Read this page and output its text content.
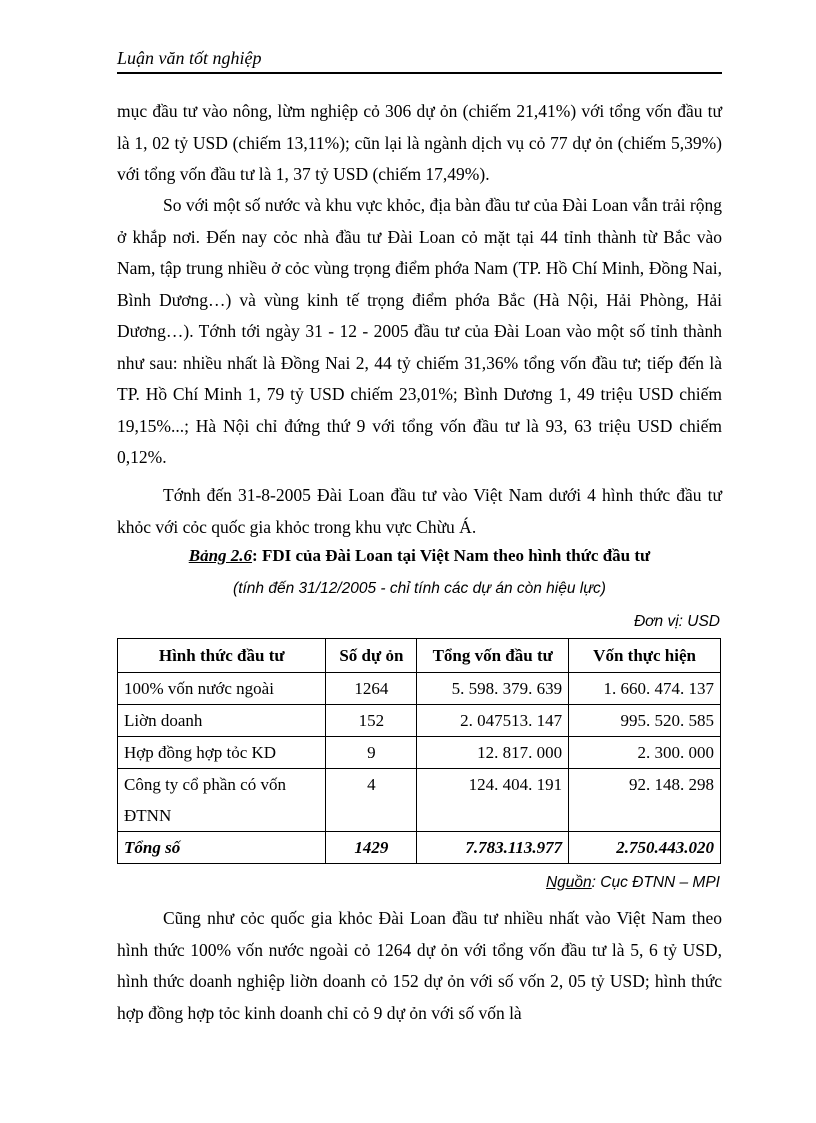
Luận văn tốt nghiệp

mục đầu tư vào nông, lừm nghiệp cỏ 306 dự ỏn (chiếm 21,41%) với tổng vốn đầu tư là 1, 02 tỷ USD (chiếm 13,11%); cũn lại là ngành dịch vụ cỏ 77 dự ỏn (chiếm 5,39%) với tổng vốn đầu tư là 1, 37 tỷ USD (chiếm 17,49%).

So với một số nước và khu vực khỏc, địa bàn đầu tư của Đài Loan vẫn trải rộng ở khắp nơi. Đến nay cỏc nhà đầu tư Đài Loan cỏ mặt tại 44 tỉnh thành từ Bắc vào Nam, tập trung nhiều ở cỏc vùng trọng điểm phớa Nam (TP. Hồ Chí Minh, Đồng Nai, Bình Dương…) và vùng kinh tế trọng điểm phớa Bắc (Hà Nội, Hải Phòng, Hải Dương…). Tớnh tới ngày 31 - 12 - 2005 đầu tư của Đài Loan vào một số tỉnh thành như sau: nhiều nhất là Đồng Nai 2, 44 tỷ chiếm 31,36% tổng vốn đầu tư; tiếp đến là TP. Hồ Chí Minh 1, 79 tỷ USD chiếm 23,01%; Bình Dương 1, 49 triệu USD chiếm 19,15%...; Hà Nội chỉ đứng thứ 9 với tổng vốn đầu tư là 93, 63 triệu USD chiếm 0,12%.

Tớnh đến 31-8-2005 Đài Loan đầu tư vào Việt Nam dưới 4 hình thức đầu tư khỏc với cỏc quốc gia khỏc trong khu vực Chừu Á.

Bảng 2.6: FDI của Đài Loan tại Việt Nam theo hình thức đầu tư
(tính đến 31/12/2005 - chỉ tính các dự án còn hiệu lực)
Đơn vị: USD
Hình thức đầu tư	Số dự ỏn	Tổng vốn đầu tư	Vốn thực hiện
100% vốn nước ngoài	1264	5. 598. 379. 639	1. 660. 474. 137
Liờn doanh	152	2. 047513. 147	995. 520. 585
Hợp đồng hợp tỏc KD	9	12. 817. 000	2. 300. 000
Công ty cổ phần có vốn ĐTNN	4	124. 404. 191	92. 148. 298
Tổng số	1429	7.783.113.977	2.750.443.020
Nguồn: Cục ĐTNN – MPI

Cũng như cỏc quốc gia khỏc Đài Loan đầu tư nhiều nhất vào Việt Nam theo hình thức 100% vốn nước ngoài cỏ 1264 dự ỏn với tổng vốn đầu tư là 5, 6 tỷ USD, hình thức doanh nghiệp liờn doanh cỏ 152 dự ỏn với số vốn 2, 05 tỷ USD; hình thức hợp đồng hợp tỏc kinh doanh chỉ cỏ 9 dự ỏn với số vốn là
